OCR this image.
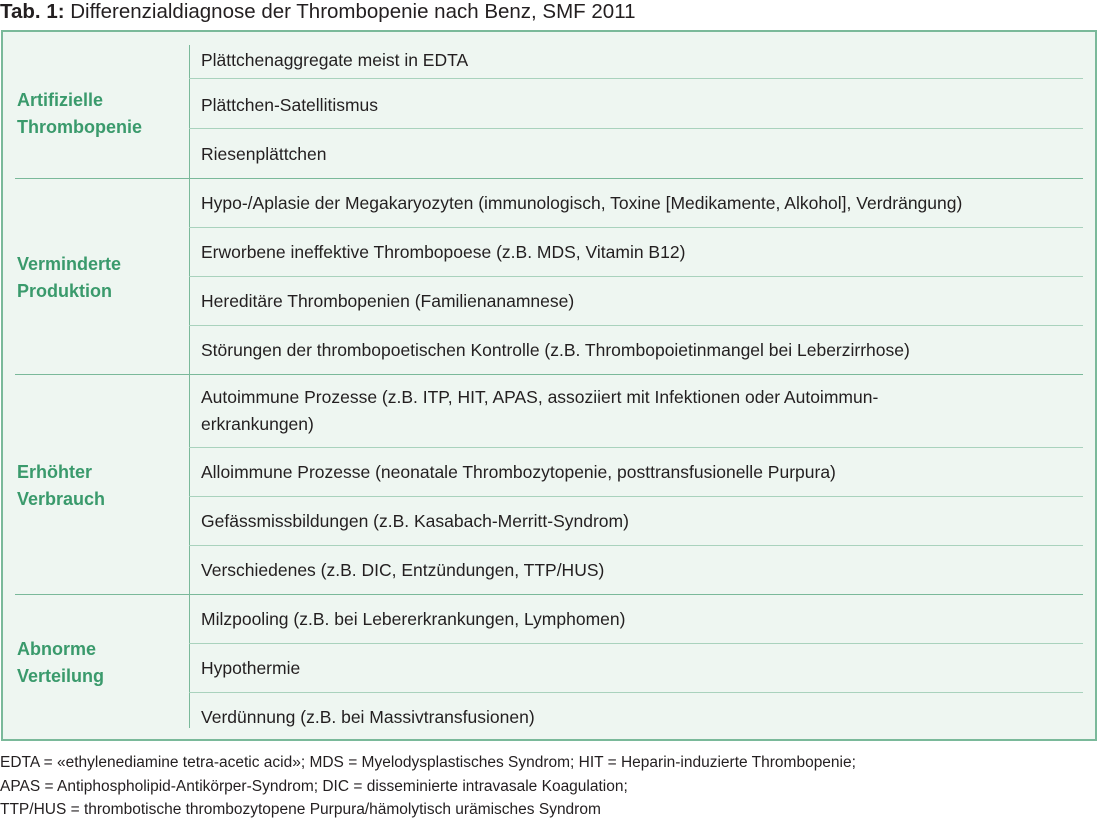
Tab. 1: Differenzialdiagnose der Thrombopenie nach Benz, SMF 2011
Artifizielle
Thrombopenie
Plättchenaggregate meist in EDTA
Plättchen-Satellitismus
Riesenplättchen
Verminderte
Produktion
Hypo-/Aplasie der Megakaryozyten (immunologisch, Toxine [Medikamente, Alkohol], Verdrängung)
Erworbene ineffektive Thrombopoese (z.B. MDS, Vitamin B12)
Hereditäre Thrombopenien (Familienanamnese)
Störungen der thrombopoetischen Kontrolle (z.B. Thrombopoietinmangel bei Leberzirrhose)
Erhöhter
Verbrauch
Autoimmune Prozesse (z.B. ITP, HIT, APAS, assoziiert mit Infektionen oder Autoimmun-
erkrankungen)
Alloimmune Prozesse (neonatale Thrombozytopenie, posttransfusionelle Purpura)
Gefässmissbildungen (z.B. Kasabach-Merritt-Syndrom)
Verschiedenes (z.B. DIC, Entzündungen, TTP/HUS)
Abnorme
Verteilung
Milzpooling (z.B. bei Lebererkrankungen, Lymphomen)
Hypothermie
Verdünnung (z.B. bei Massivtransfusionen)
EDTA = «ethylenediamine tetra-acetic acid»; MDS = Myelodysplastisches Syndrom; HIT = Heparin-induzierte Thrombopenie;
APAS = Antiphospholipid-Antikörper-Syndrom; DIC = disseminierte intravasale Koagulation;
TTP/HUS = thrombotische thrombozytopene Purpura/hämolytisch urämisches Syndrom
